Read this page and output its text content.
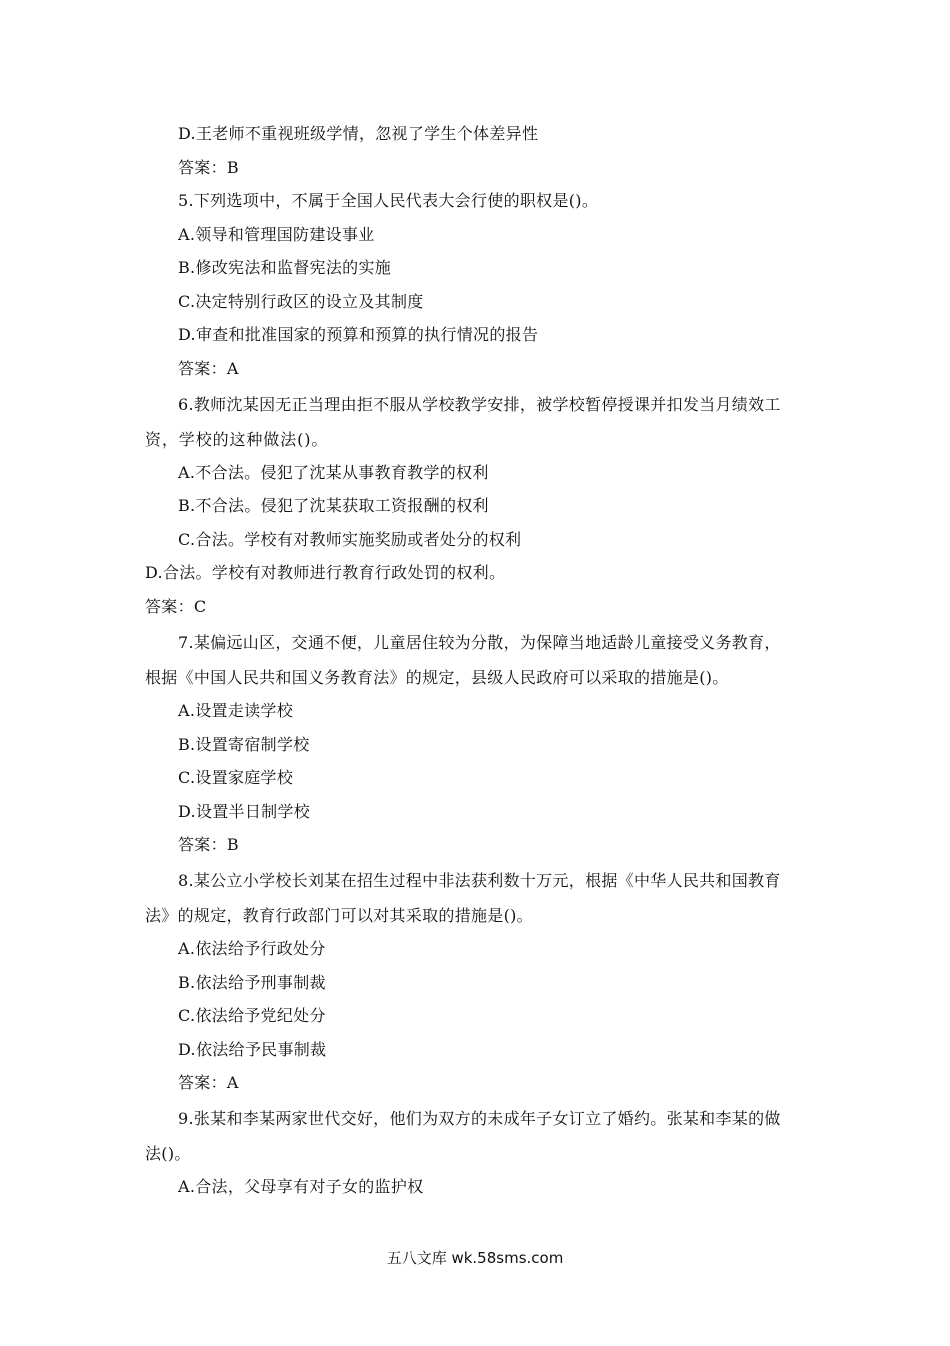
D.王老师不重视班级学情，忽视了学生个体差异性
答案：B
5.下列选项中，不属于全国人民代表大会行使的职权是()。
A.领导和管理国防建设事业
B.修改宪法和监督宪法的实施
C.决定特别行政区的设立及其制度
D.审查和批准国家的预算和预算的执行情况的报告
答案：A
6.教师沈某因无正当理由拒不服从学校教学安排，被学校暂停授课并扣发当月绩效工
资，学校的这种做法()。
A.不合法。侵犯了沈某从事教育教学的权利
B.不合法。侵犯了沈某获取工资报酬的权利
C.合法。学校有对教师实施奖励或者处分的权利
D.合法。学校有对教师进行教育行政处罚的权利。
答案：C
7.某偏远山区，交通不便，儿童居住较为分散，为保障当地适龄儿童接受义务教育，
根据《中国人民共和国义务教育法》的规定，县级人民政府可以采取的措施是()。
A.设置走读学校
B.设置寄宿制学校
C.设置家庭学校
D.设置半日制学校
答案：B
8.某公立小学校长刘某在招生过程中非法获利数十万元，根据《中华人民共和国教育
法》的规定，教育行政部门可以对其采取的措施是()。
A.依法给予行政处分
B.依法给予刑事制裁
C.依法给予党纪处分
D.依法给予民事制裁
答案：A
9.张某和李某两家世代交好，他们为双方的未成年子女订立了婚约。张某和李某的做
法()。
A.合法，父母享有对子女的监护权
五八文库 wk.58sms.com
